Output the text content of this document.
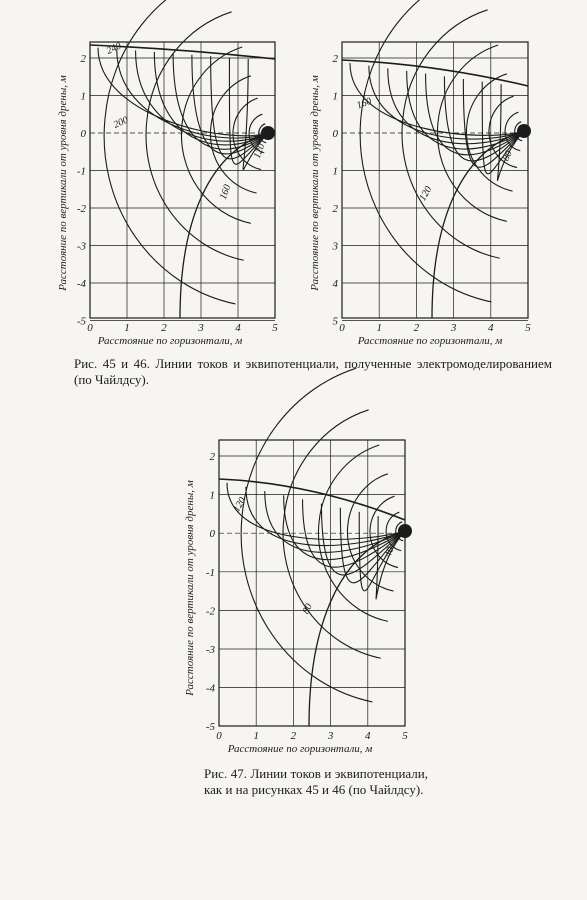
2
1
0
-1
-2
-3
-4
-5
0	1	2	3	4	5
240
200
160
120
Расстояние по вертикали от уровня дрены, м
Расстояние по горизонтали, м
2
1
0
1
2
3
4
5
0	1	2	3	4	5
160
120
80
Расстояние по вертикали от уровня дрены, м
Расстояние по горизонтали, м
2
1
0
-1
-2
-3
-4
-5
0	1	2	3	4	5
120
80
40
Расстояние по вертикали от уровня дрены, м
Расстояние по горизонтали, м

Рис. 45 и 46. Линии токов и эквипотенциали, полученные электромоделированием (по Чайлдсу).

Рис. 47. Линии токов и эквипотенциали, как и на рисунках 45 и 46 (по Чайлдсу).
